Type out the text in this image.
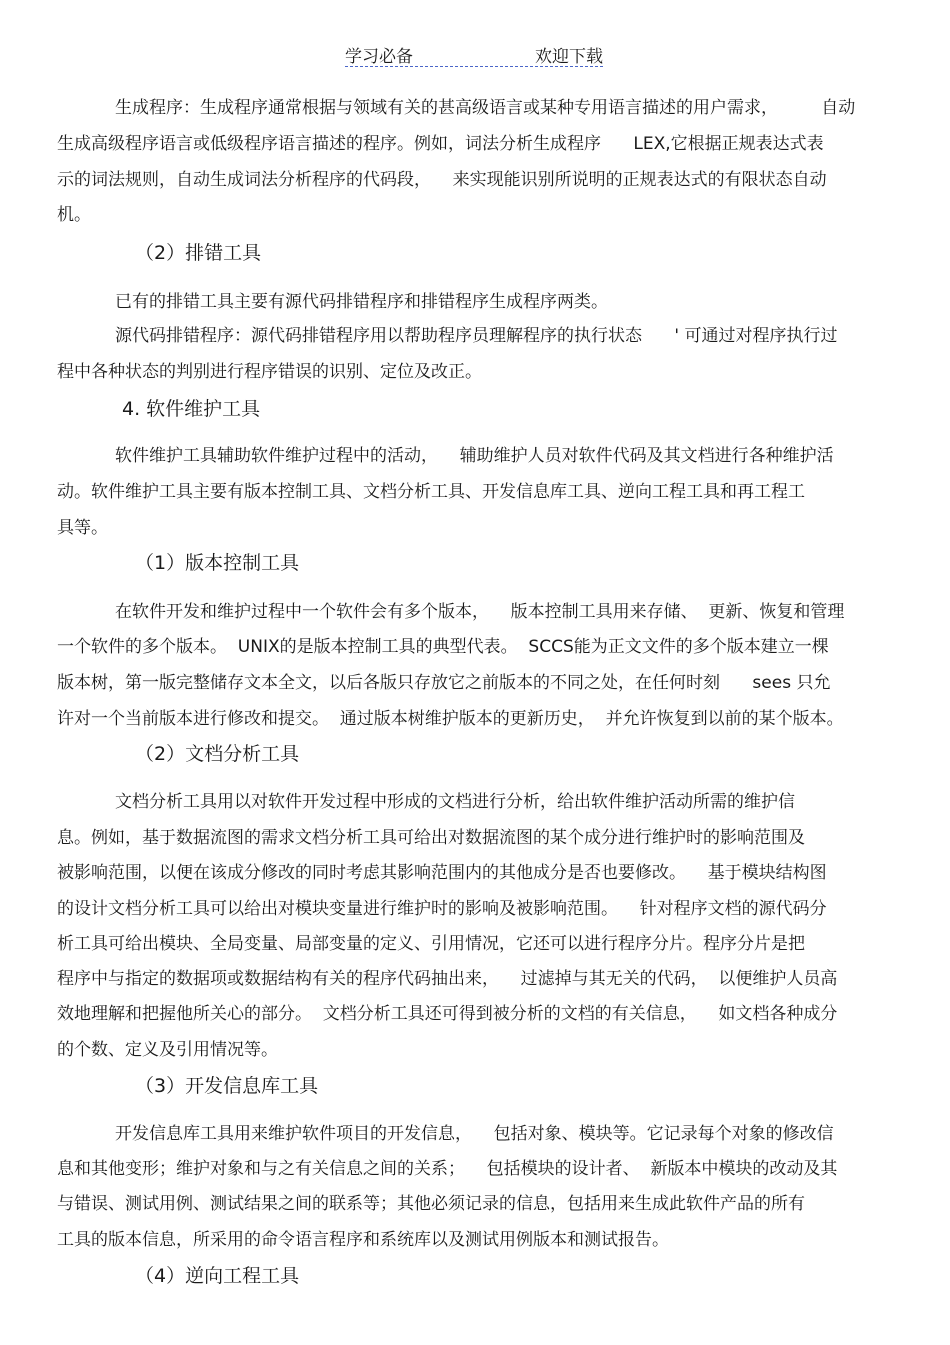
学习必备	欢迎下载
生成程序：生成程序通常根据与领域有关的甚高级语言或某种专用语言描述的用户需求，        自动
生成高级程序语言或低级程序语言描述的程序。例如，词法分析生成程序      LEX,它根据正规表达式表
示的词法规则，自动生成词法分析程序的代码段，    来实现能识别所说明的正规表达式的有限状态自动
机。
（2）排错工具
已有的排错工具主要有源代码排错程序和排错程序生成程序两类。
源代码排错程序：源代码排错程序用以帮助程序员理解程序的执行状态      ' 可通过对程序执行过
程中各种状态的判别进行程序错误的识别、定位及改正。
4. 软件维护工具
软件维护工具辅助软件维护过程中的活动，    辅助维护人员对软件代码及其文档进行各种维护活
动。软件维护工具主要有版本控制工具、文档分析工具、开发信息库工具、逆向工程工具和再工程工
具等。
（1）版本控制工具
在软件开发和维护过程中一个软件会有多个版本，    版本控制工具用来存储、  更新、恢复和管理
一个软件的多个版本。  UNIX的是版本控制工具的典型代表。  SCCS能为正文文件的多个版本建立一棵
版本树，第一版完整储存文本全文，以后各版只存放它之前版本的不同之处，在任何时刻      sees 只允
许对一个当前版本进行修改和提交。  通过版本树维护版本的更新历史，  并允许恢复到以前的某个版本。
（2）文档分析工具
文档分析工具用以对软件开发过程中形成的文档进行分析，给出软件维护活动所需的维护信
息。例如，基于数据流图的需求文档分析工具可给出对数据流图的某个成分进行维护时的影响范围及
被影响范围，以便在该成分修改的同时考虑其影响范围内的其他成分是否也要修改。    基于模块结构图
的设计文档分析工具可以给出对模块变量进行维护时的影响及被影响范围。    针对程序文档的源代码分
析工具可给出模块、全局变量、局部变量的定义、引用情况，它还可以进行程序分片。程序分片是把
程序中与指定的数据项或数据结构有关的程序代码抽出来，    过滤掉与其无关的代码，  以便维护人员高
效地理解和把握他所关心的部分。  文档分析工具还可得到被分析的文档的有关信息，    如文档各种成分
的个数、定义及引用情况等。
（3）开发信息库工具
开发信息库工具用来维护软件项目的开发信息，    包括对象、模块等。它记录每个对象的修改信
息和其他变形；维护对象和与之有关信息之间的关系；    包括模块的设计者、  新版本中模块的改动及其
与错误、测试用例、测试结果之间的联系等；其他必须记录的信息，包括用来生成此软件产品的所有
工具的版本信息，所采用的命令语言程序和系统库以及测试用例版本和测试报告。
（4）逆向工程工具
